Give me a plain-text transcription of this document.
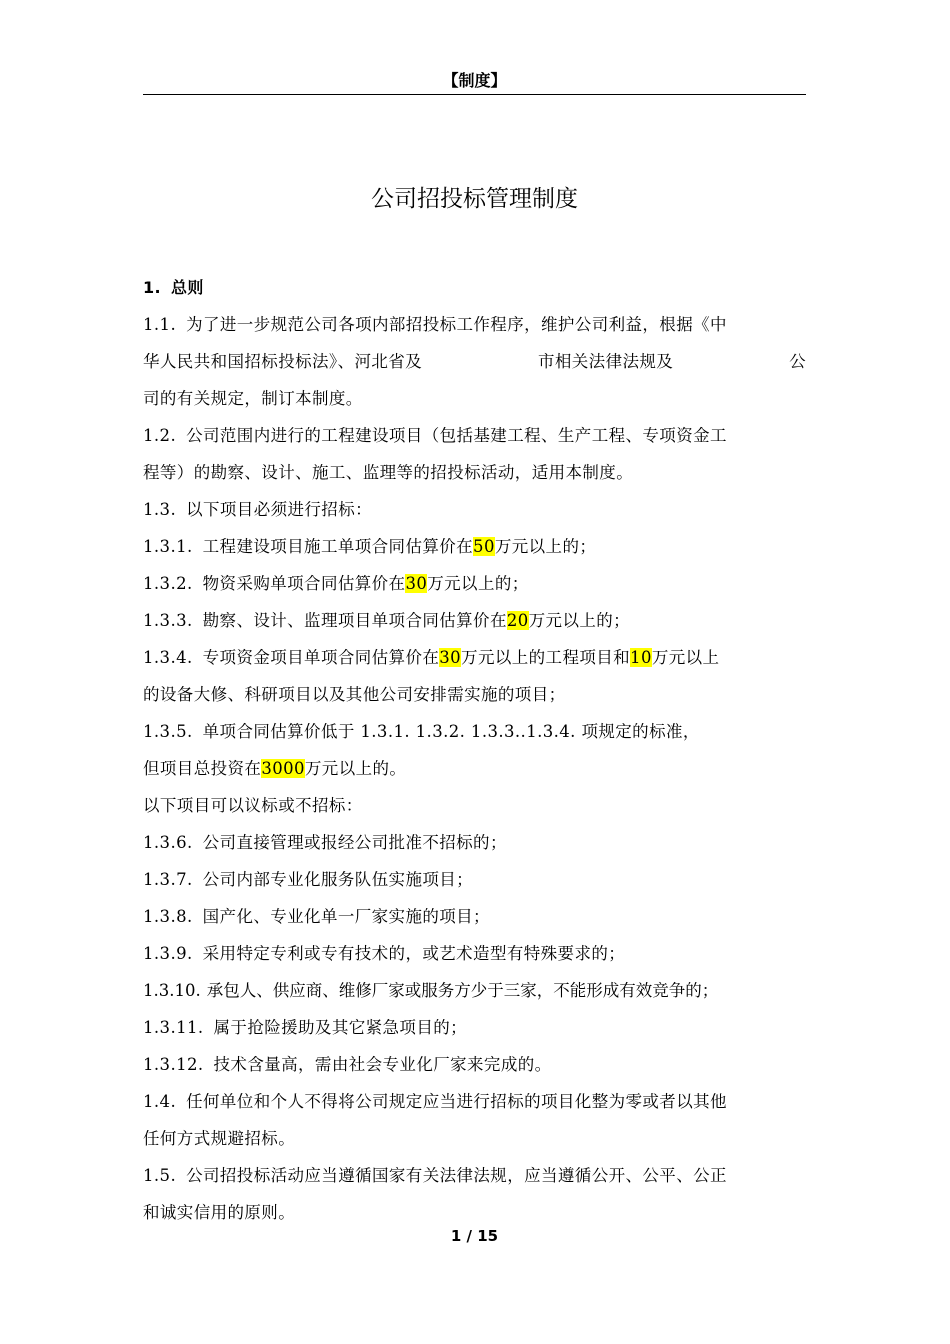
【制度】
公司招投标管理制度
1. 总则
1.1. 为了进一步规范公司各项内部招投标工作程序，维护公司利益，根据《中
华人民共和国招标投标法》、河北省及	市相关法律法规及	公
司的有关规定，制订本制度。
1.2. 公司范围内进行的工程建设项目（包括基建工程、生产工程、专项资金工
程等）的勘察、设计、施工、监理等的招投标活动，适用本制度。
1.3. 以下项目必须进行招标：
1.3.1. 工程建设项目施工单项合同估算价在50万元以上的；
1.3.2. 物资采购单项合同估算价在30万元以上的；
1.3.3. 勘察、设计、监理项目单项合同估算价在20万元以上的；
1.3.4. 专项资金项目单项合同估算价在30万元以上的工程项目和10万元以上
的设备大修、科研项目以及其他公司安排需实施的项目；
1.3.5. 单项合同估算价低于 1.3.1. 1.3.2. 1.3.3..1.3.4. 项规定的标准，
但项目总投资在3000万元以上的。
以下项目可以议标或不招标：
1.3.6. 公司直接管理或报经公司批准不招标的；
1.3.7. 公司内部专业化服务队伍实施项目；
1.3.8. 国产化、专业化单一厂家实施的项目；
1.3.9. 采用特定专利或专有技术的，或艺术造型有特殊要求的；
1.3.10. 承包人、供应商、维修厂家或服务方少于三家，不能形成有效竞争的；
1.3.11. 属于抢险援助及其它紧急项目的；
1.3.12. 技术含量高，需由社会专业化厂家来完成的。
1.4. 任何单位和个人不得将公司规定应当进行招标的项目化整为零或者以其他
任何方式规避招标。
1.5. 公司招投标活动应当遵循国家有关法律法规，应当遵循公开、公平、公正
和诚实信用的原则。
1 / 15
